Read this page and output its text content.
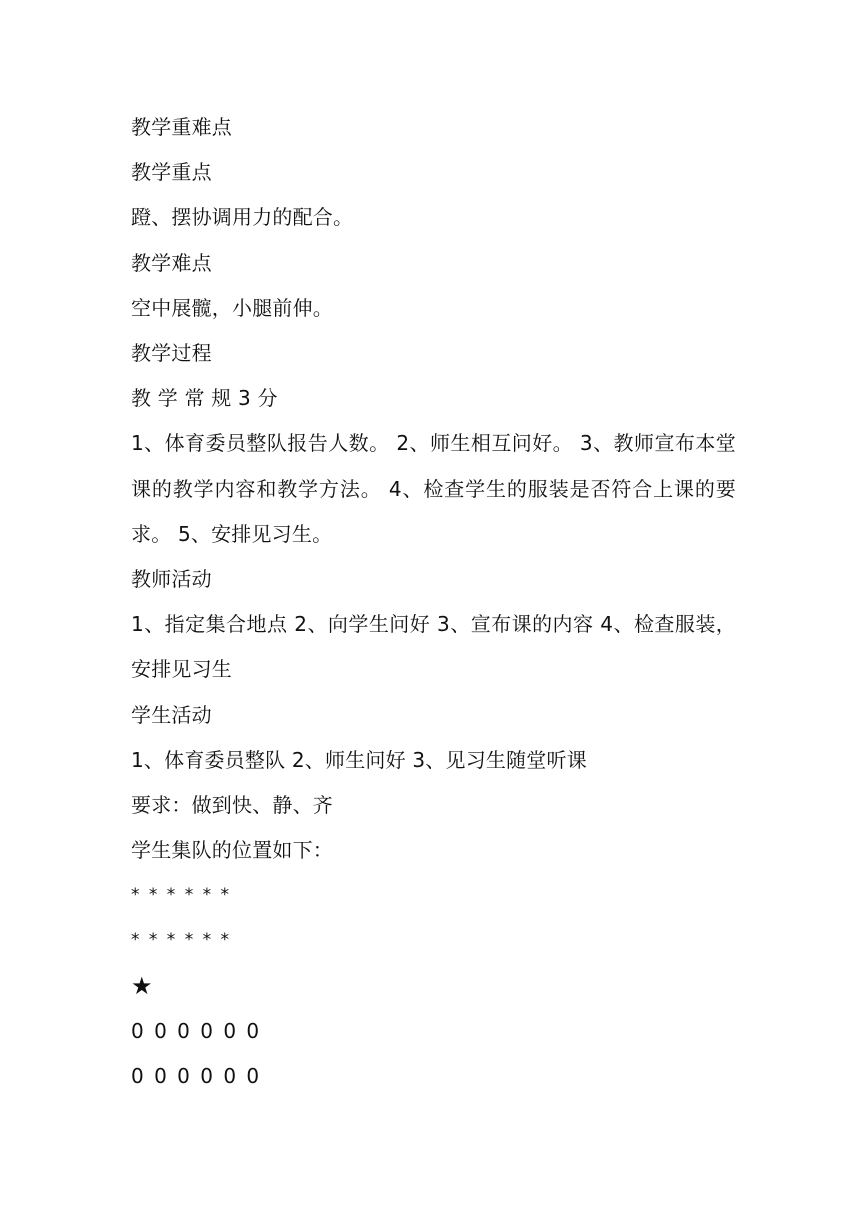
教学重难点
教学重点
蹬、摆协调用力的配合。
教学难点
空中展髋，小腿前伸。
教学过程
教 学 常 规 3 分
1、体育委员整队报告人数。 2、师生相互问好。 3、教师宣布本堂课的教学内容和教学方法。 4、检查学生的服装是否符合上课的要求。 5、安排见习生。
教师活动
1、指定集合地点 2、向学生问好 3、宣布课的内容 4、检查服装，安排见习生
学生活动
1、体育委员整队 2、师生问好 3、见习生随堂听课
要求：做到快、静、齐
学生集队的位置如下：
* * * * * *
* * * * * *
★
0 0 0 0 0 0
0 0 0 0 0 0
